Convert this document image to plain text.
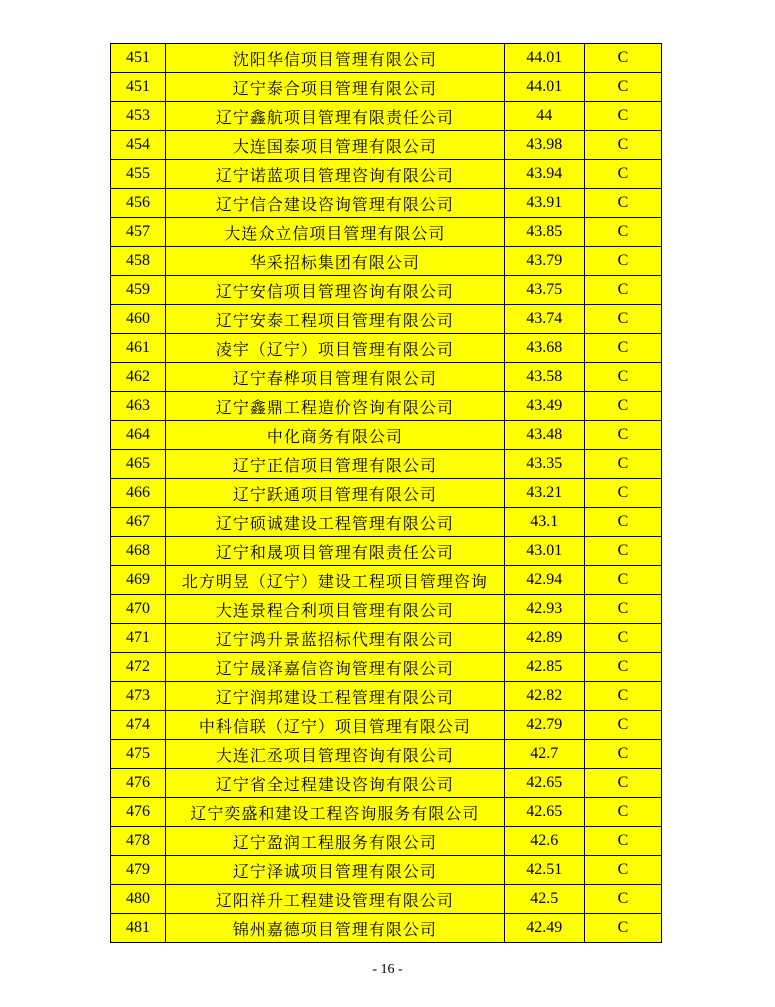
451	沈阳华信项目管理有限公司	44.01	C
451	辽宁泰合项目管理有限公司	44.01	C
453	辽宁鑫航项目管理有限责任公司	44	C
454	大连国泰项目管理有限公司	43.98	C
455	辽宁诺蓝项目管理咨询有限公司	43.94	C
456	辽宁信合建设咨询管理有限公司	43.91	C
457	大连众立信项目管理有限公司	43.85	C
458	华采招标集团有限公司	43.79	C
459	辽宁安信项目管理咨询有限公司	43.75	C
460	辽宁安泰工程项目管理有限公司	43.74	C
461	凌宇（辽宁）项目管理有限公司	43.68	C
462	辽宁春桦项目管理有限公司	43.58	C
463	辽宁鑫鼎工程造价咨询有限公司	43.49	C
464	中化商务有限公司	43.48	C
465	辽宁正信项目管理有限公司	43.35	C
466	辽宁跃通项目管理有限公司	43.21	C
467	辽宁硕诚建设工程管理有限公司	43.1	C
468	辽宁和晟项目管理有限责任公司	43.01	C
469	北方明昱（辽宁）建设工程项目管理咨询	42.94	C
470	大连景程合利项目管理有限公司	42.93	C
471	辽宁鸿升景蓝招标代理有限公司	42.89	C
472	辽宁晟泽嘉信咨询管理有限公司	42.85	C
473	辽宁润邦建设工程管理有限公司	42.82	C
474	中科信联（辽宁）项目管理有限公司	42.79	C
475	大连汇丞项目管理咨询有限公司	42.7	C
476	辽宁省全过程建设咨询有限公司	42.65	C
476	辽宁奕盛和建设工程咨询服务有限公司	42.65	C
478	辽宁盈润工程服务有限公司	42.6	C
479	辽宁泽诚项目管理有限公司	42.51	C
480	辽阳祥升工程建设管理有限公司	42.5	C
481	锦州嘉德项目管理有限公司	42.49	C
- 16 -
